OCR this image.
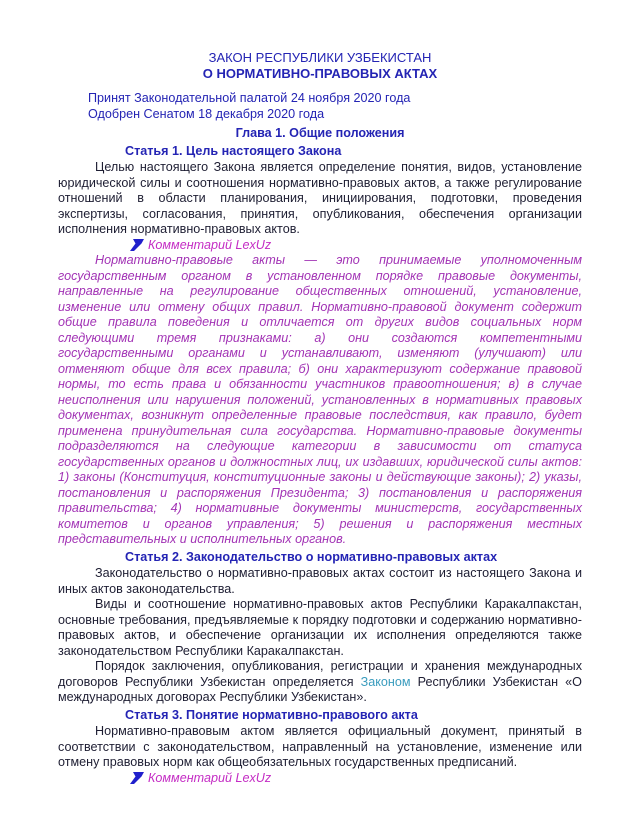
ЗАКОН РЕСПУБЛИКИ УЗБЕКИСТАН

О НОРМАТИВНО-ПРАВОВЫХ АКТАХ

Принят Законодательной палатой 24 ноября 2020 года

Одобрен Сенатом 18 декабря 2020 года

Глава 1. Общие положения

Статья 1. Цель настоящего Закона

Целью настоящего Закона является определение понятия, видов, установление юридической силы и соотношения нормативно-правовых актов, а также регулирование отношений в области планирования, инициирования, подготовки, проведения экспертизы, согласования, принятия, опубликования, обеспечения организации исполнения нормативно-правовых актов.

Комментарий LexUz

Нормативно-правовые акты — это принимаемые уполномоченным государственным органом в установленном порядке правовые документы, направленные на регулирование общественных отношений, установление, изменение или отмену общих правил. Нормативно-правовой документ содержит общие правила поведения и отличается от других видов социальных норм следующими тремя признаками: а) они создаются компетентными государственными органами и устанавливают, изменяют (улучшают) или отменяют общие для всех правила; б) они характеризуют содержание правовой нормы, то есть права и обязанности участников правоотношения; в) в случае неисполнения или нарушения положений, установленных в нормативных правовых документах, возникнут определенные правовые последствия, как правило, будет применена принудительная сила государства. Нормативно-правовые документы подразделяются на следующие категории в зависимости от статуса государственных органов и должностных лиц, их издавших, юридической силы актов: 1) законы (Конституция, конституционные законы и действующие законы); 2) указы, постановления и распоряжения Президента; 3) постановления и распоряжения правительства; 4) нормативные документы министерств, государственных комитетов и органов управления; 5) решения и распоряжения местных представительных и исполнительных органов.

Статья 2. Законодательство о нормативно-правовых актах

Законодательство о нормативно-правовых актах состоит из настоящего Закона и иных актов законодательства.

Виды и соотношение нормативно-правовых актов Республики Каракалпакстан, основные требования, предъявляемые к порядку подготовки и содержанию нормативно-правовых актов, и обеспечение организации их исполнения определяются также законодательством Республики Каракалпакстан.

Порядок заключения, опубликования, регистрации и хранения международных договоров Республики Узбекистан определяется Законом Республики Узбекистан «О международных договорах Республики Узбекистан».

Статья 3. Понятие нормативно-правового акта

Нормативно-правовым актом является официальный документ, принятый в соответствии с законодательством, направленный на установление, изменение или отмену правовых норм как общеобязательных государственных предписаний.

Комментарий LexUz
